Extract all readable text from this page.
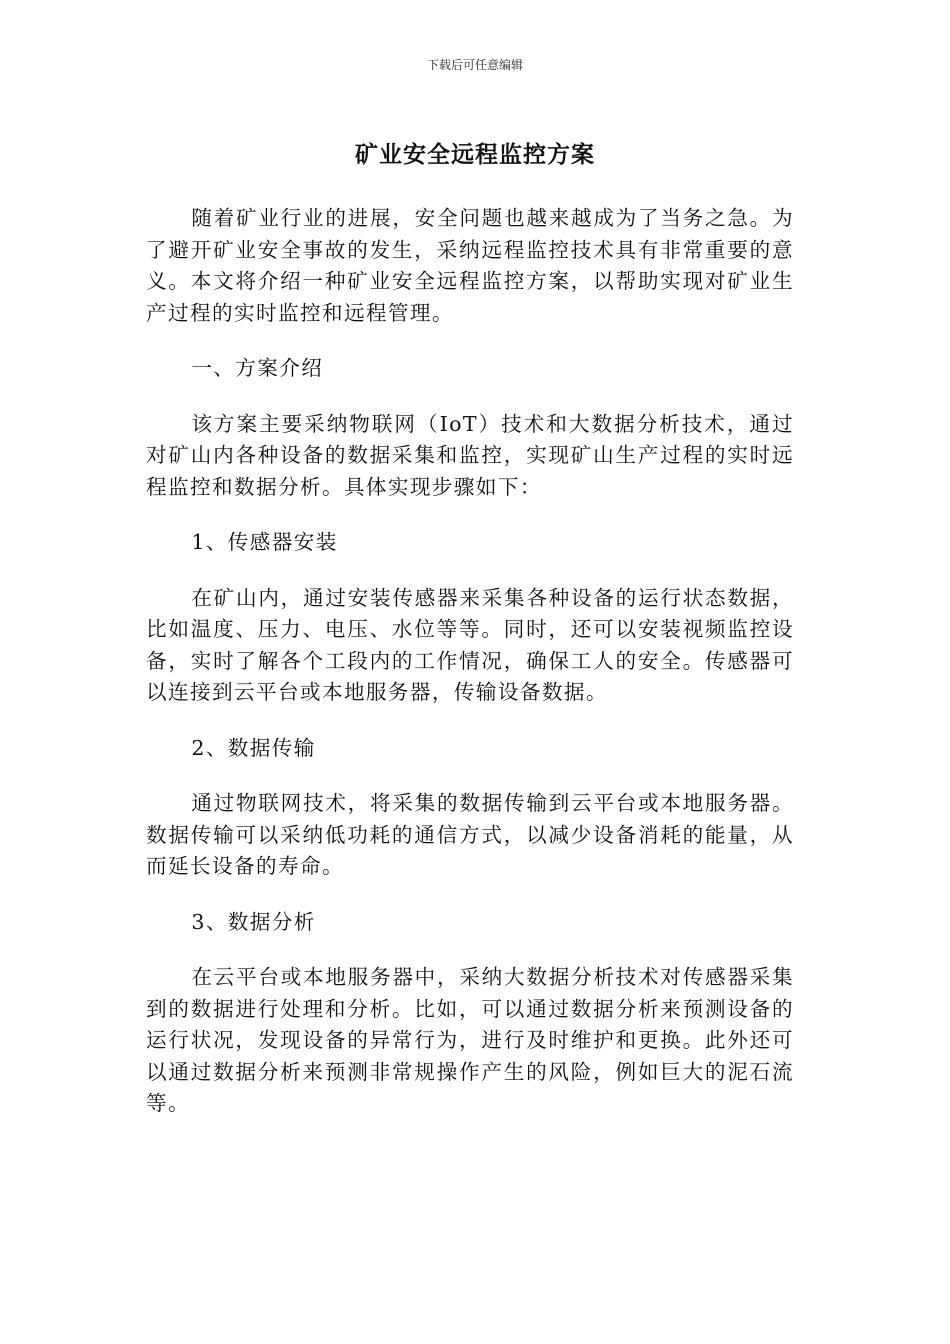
下载后可任意编辑
矿业安全远程监控方案

随着矿业行业的进展，安全问题也越来越成为了当务之急。为了避开矿业安全事故的发生，采纳远程监控技术具有非常重要的意义。本文将介绍一种矿业安全远程监控方案，以帮助实现对矿业生产过程的实时监控和远程管理。

一、方案介绍

该方案主要采纳物联网（IoT）技术和大数据分析技术，通过对矿山内各种设备的数据采集和监控，实现矿山生产过程的实时远程监控和数据分析。具体实现步骤如下：

1、传感器安装

在矿山内，通过安装传感器来采集各种设备的运行状态数据，比如温度、压力、电压、水位等等。同时，还可以安装视频监控设备，实时了解各个工段内的工作情况，确保工人的安全。传感器可以连接到云平台或本地服务器，传输设备数据。

2、数据传输

通过物联网技术，将采集的数据传输到云平台或本地服务器。数据传输可以采纳低功耗的通信方式，以减少设备消耗的能量，从而延长设备的寿命。

3、数据分析

在云平台或本地服务器中，采纳大数据分析技术对传感器采集到的数据进行处理和分析。比如，可以通过数据分析来预测设备的运行状况，发现设备的异常行为，进行及时维护和更换。此外还可以通过数据分析来预测非常规操作产生的风险，例如巨大的泥石流等。
